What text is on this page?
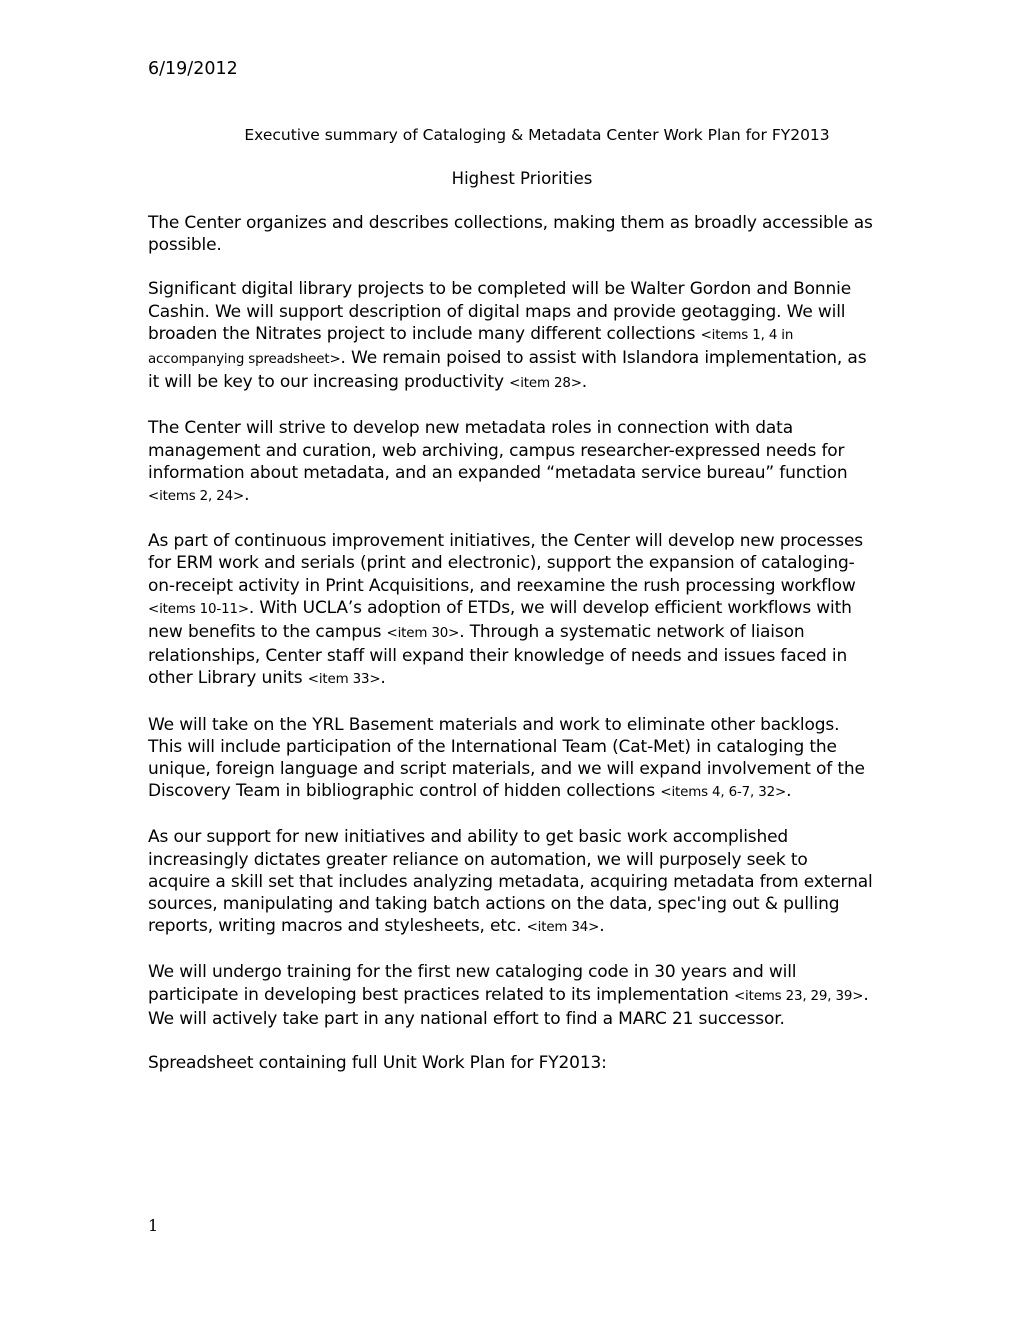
6/19/2012
Executive summary of Cataloging & Metadata Center Work Plan for FY2013
Highest Priorities

The Center organizes and describes collections, making them as broadly accessible as possible.

Significant digital library projects to be completed will be Walter Gordon and Bonnie Cashin. We will support description of digital maps and provide geotagging. We will broaden the Nitrates project to include many different collections <items 1, 4 in accompanying spreadsheet>. We remain poised to assist with Islandora implementation, as it will be key to our increasing productivity <item 28>.

The Center will strive to develop new metadata roles in connection with data management and curation, web archiving, campus researcher-expressed needs for information about metadata, and an expanded “metadata service bureau” function <items 2, 24>.

As part of continuous improvement initiatives, the Center will develop new processes for ERM work and serials (print and electronic), support the expansion of cataloging-on-receipt activity in Print Acquisitions, and reexamine the rush processing workflow <items 10-11>. With UCLA’s adoption of ETDs, we will develop efficient workflows with new benefits to the campus <item 30>. Through a systematic network of liaison relationships, Center staff will expand their knowledge of needs and issues faced in other Library units <item 33>.

We will take on the YRL Basement materials and work to eliminate other backlogs. This will include participation of the International Team (Cat-Met) in cataloging the unique, foreign language and script materials, and we will expand involvement of the Discovery Team in bibliographic control of hidden collections <items 4, 6-7, 32>.

As our support for new initiatives and ability to get basic work accomplished increasingly dictates greater reliance on automation, we will purposely seek to acquire a skill set that includes analyzing metadata, acquiring metadata from external sources, manipulating and taking batch actions on the data, spec'ing out & pulling reports, writing macros and stylesheets, etc. <item 34>.

We will undergo training for the first new cataloging code in 30 years and will participate in developing best practices related to its implementation <items 23, 29, 39>. We will actively take part in any national effort to find a MARC 21 successor.

Spreadsheet containing full Unit Work Plan for FY2013:

1
